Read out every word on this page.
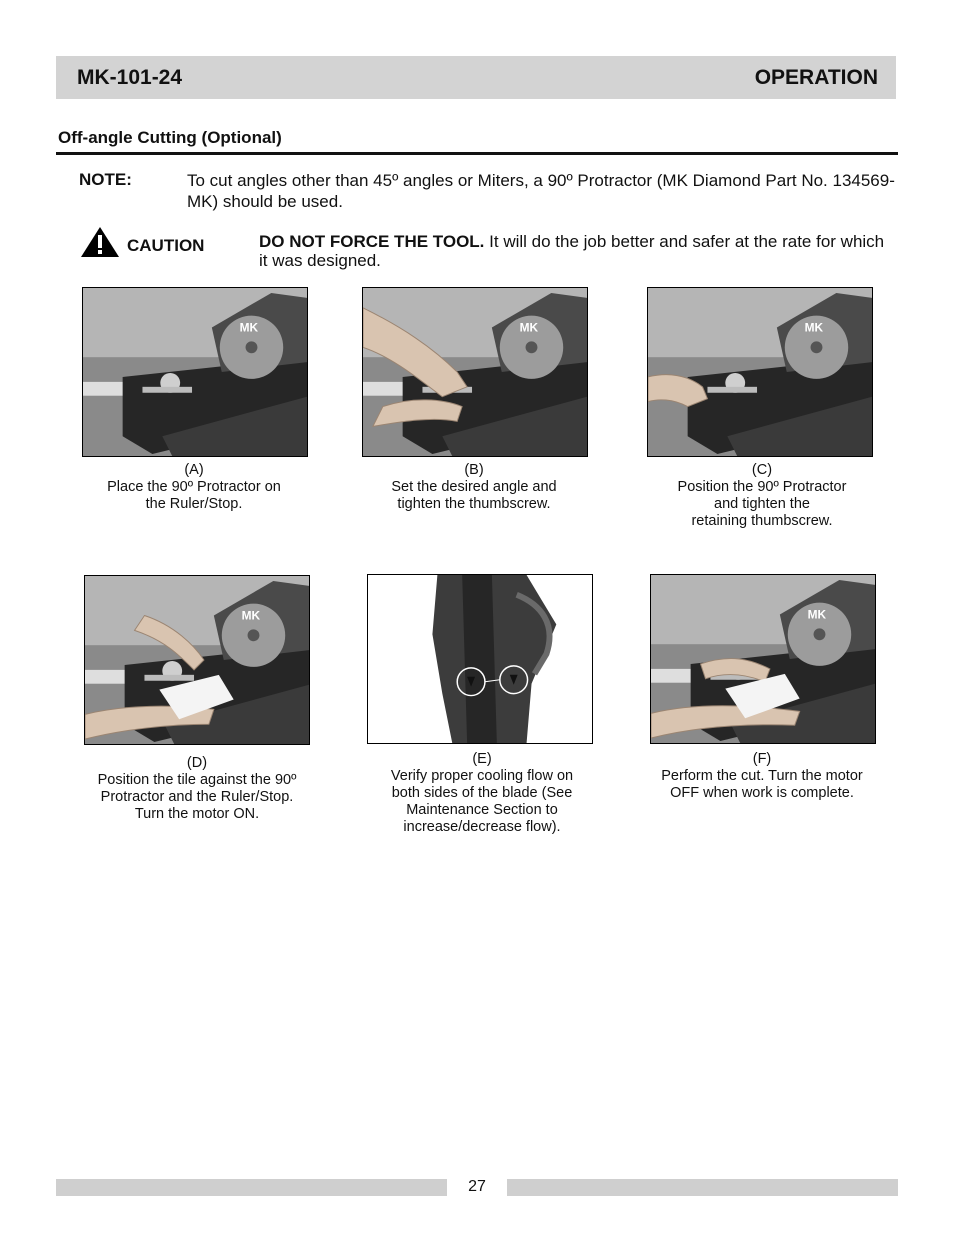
MK-101-24	OPERATION
Off-angle Cutting (Optional)
NOTE:	To cut angles other than 45º angles or Miters, a 90º Protractor (MK Diamond Part No. 134569-MK) should be used.
CAUTION	DO NOT FORCE THE TOOL. It will do the job better and safer at the rate for which it was designed.
MK	MK	MK
MK	MK
(A)
Place the 90º Protractor on
the Ruler/Stop.
(B)
Set the desired angle and
tighten the thumbscrew.
(C)
Position the 90º Protractor
and tighten the
retaining thumbscrew.
(D)
Position the tile against the 90º
Protractor and the Ruler/Stop.
Turn the motor ON.
(E)
Verify proper cooling flow on
both sides of the blade (See
Maintenance Section to
increase/decrease flow).
(F)
Perform the cut. Turn the motor
OFF when work is complete.
27
